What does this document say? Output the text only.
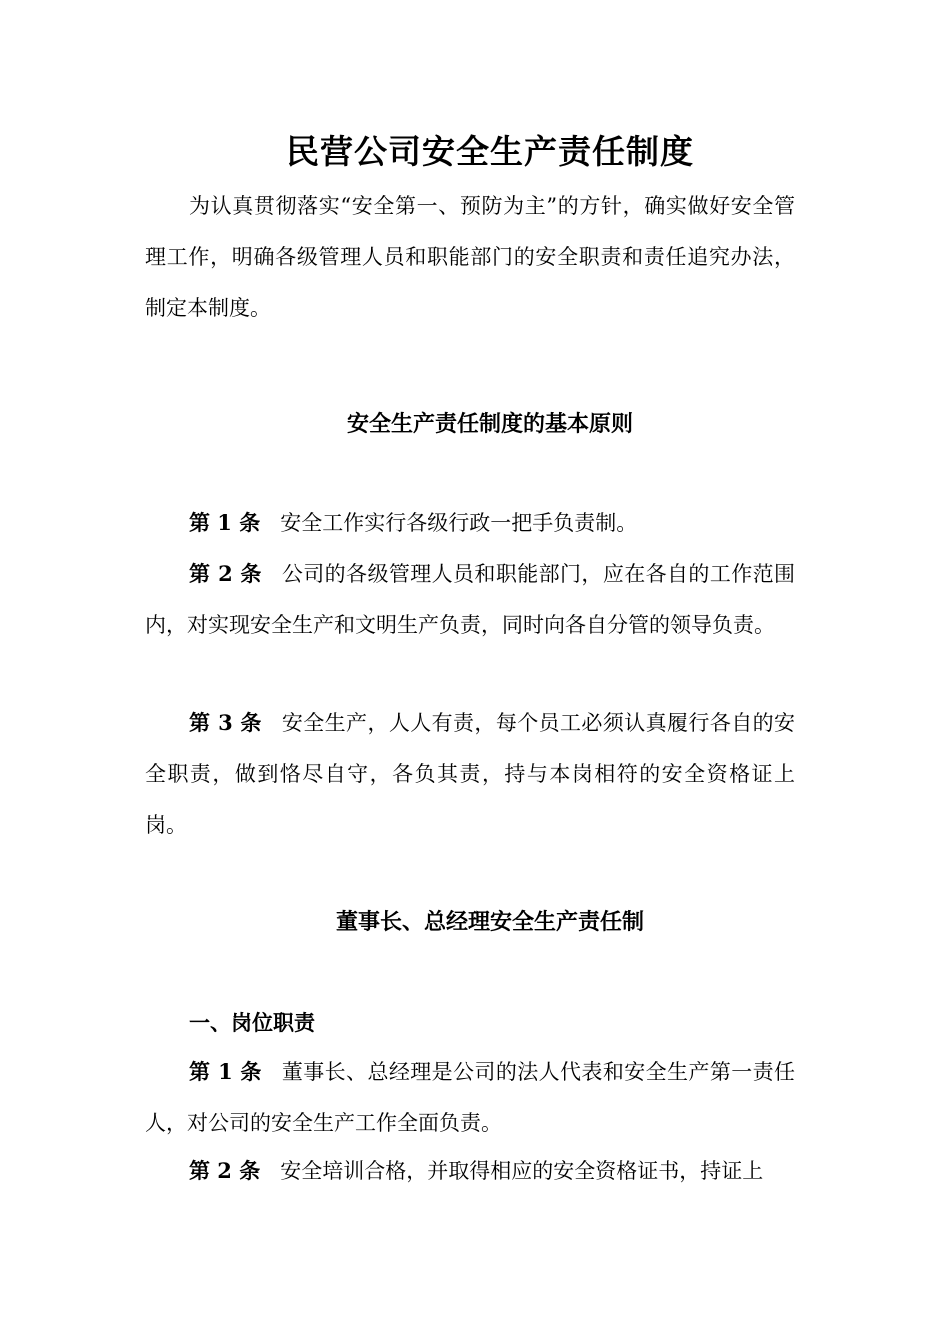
民营公司安全生产责任制度

为认真贯彻落实“安全第一、预防为主”的方针，确实做好安全管理工作，明确各级管理人员和职能部门的安全职责和责任追究办法，制定本制度。

安全生产责任制度的基本原则

第 1 条 安全工作实行各级行政一把手负责制。

第 2 条 公司的各级管理人员和职能部门，应在各自的工作范围内，对实现安全生产和文明生产负责，同时向各自分管的领导负责。

第 3 条 安全生产，人人有责，每个员工必须认真履行各自的安全职责，做到恪尽自守，各负其责，持与本岗相符的安全资格证上岗。

董事长、总经理安全生产责任制
一、岗位职责

第 1 条 董事长、总经理是公司的法人代表和安全生产第一责任人，对公司的安全生产工作全面负责。

第 2 条 安全培训合格，并取得相应的安全资格证书，持证上
